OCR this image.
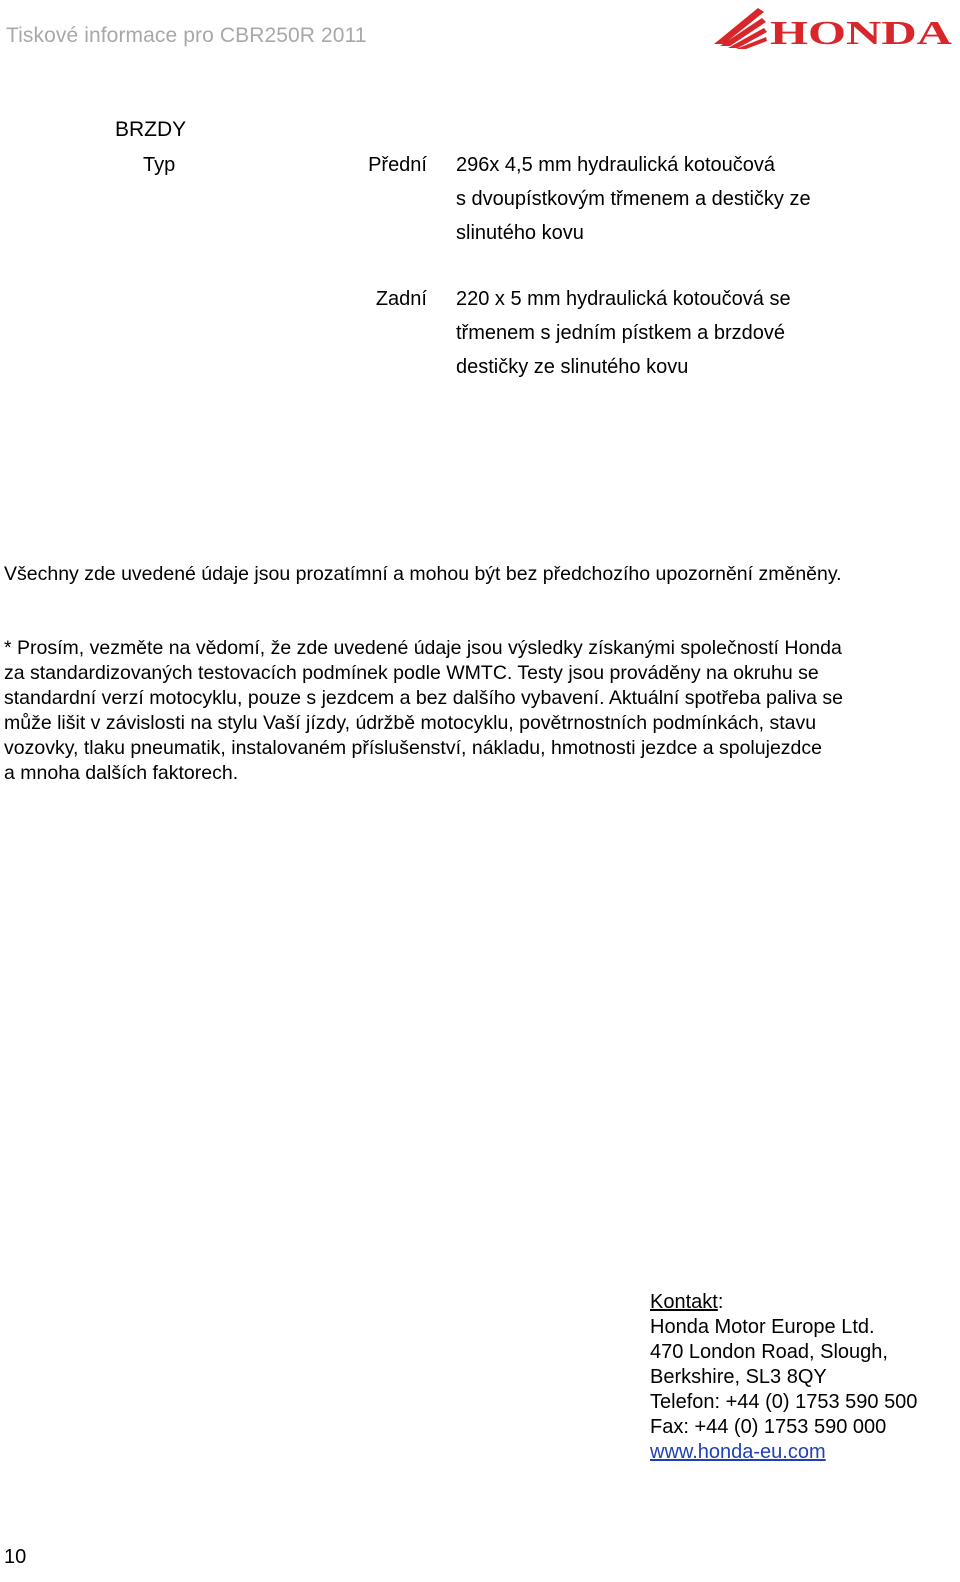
Tiskové informace pro CBR250R 2011	HONDA
BRZDY
Typ	Přední 296x 4,5 mm hydraulická kotoučová
s dvoupístkovým třmenem a destičky ze
slinutého kovu
Zadní 220 x 5 mm hydraulická kotoučová se
třmenem s jedním pístkem a brzdové
destičky ze slinutého kovu
Všechny zde uvedené údaje jsou prozatímní a mohou být bez předchozího upozornění změněny.
* Prosím, vezměte na vědomí, že zde uvedené údaje jsou výsledky získanými společností Honda
za standardizovaných testovacích podmínek podle WMTC. Testy jsou prováděny na okruhu se
standardní verzí motocyklu, pouze s jezdcem a bez dalšího vybavení. Aktuální spotřeba paliva se
může lišit v závislosti na stylu Vaší jízdy, údržbě motocyklu, povětrnostních podmínkách, stavu
vozovky, tlaku pneumatik, instalovaném příslušenství, nákladu, hmotnosti jezdce a spolujezdce
a mnoha dalších faktorech.
Kontakt:
Honda Motor Europe Ltd.
470 London Road, Slough,
Berkshire, SL3 8QY
Telefon: +44 (0) 1753 590 500
Fax: +44 (0) 1753 590 000
www.honda-eu.com
10
